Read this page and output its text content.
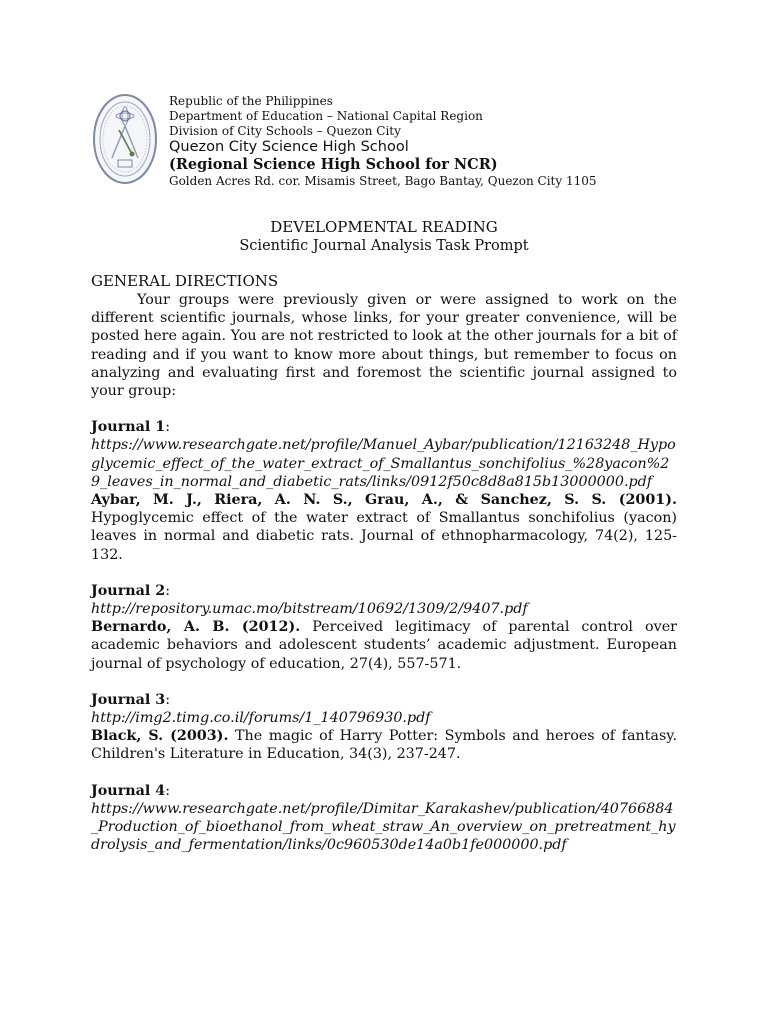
Republic of the Philippines
Department of Education – National Capital Region
Division of City Schools – Quezon City
Quezon City Science High School
(Regional Science High School for NCR)
Golden Acres Rd. cor. Misamis Street, Bago Bantay, Quezon City 1105
DEVELOPMENTAL READING
Scientific Journal Analysis Task Prompt

GENERAL DIRECTIONS

Your groups were previously given or were assigned to work on the different scientific journals, whose links, for your greater convenience, will be posted here again. You are not restricted to look at the other journals for a bit of reading and if you want to know more about things, but remember to focus on analyzing and evaluating first and foremost the scientific journal assigned to your group:

Journal 1:

https://www.researchgate.net/profile/Manuel_Aybar/publication/12163248_Hypoglycemic_effect_of_the_water_extract_of_Smallantus_sonchifolius_%28yacon%29_leaves_in_normal_and_diabetic_rats/links/0912f50c8d8a815b13000000.pdf

Aybar, M. J., Riera, A. N. S., Grau, A., & Sanchez, S. S. (2001). Hypoglycemic effect of the water extract of Smallantus sonchifolius (yacon) leaves in normal and diabetic rats. Journal of ethnopharmacology, 74(2), 125-132.

Journal 2:

http://repository.umac.mo/bitstream/10692/1309/2/9407.pdf

Bernardo, A. B. (2012). Perceived legitimacy of parental control over academic behaviors and adolescent students’ academic adjustment. European journal of psychology of education, 27(4), 557-571.

Journal 3:

http://img2.timg.co.il/forums/1_140796930.pdf

Black, S. (2003). The magic of Harry Potter: Symbols and heroes of fantasy. Children's Literature in Education, 34(3), 237-247.

Journal 4:

https://www.researchgate.net/profile/Dimitar_Karakashev/publication/40766884_Production_of_bioethanol_from_wheat_straw_An_overview_on_pretreatment_hydrolysis_and_fermentation/links/0c960530de14a0b1fe000000.pdf
